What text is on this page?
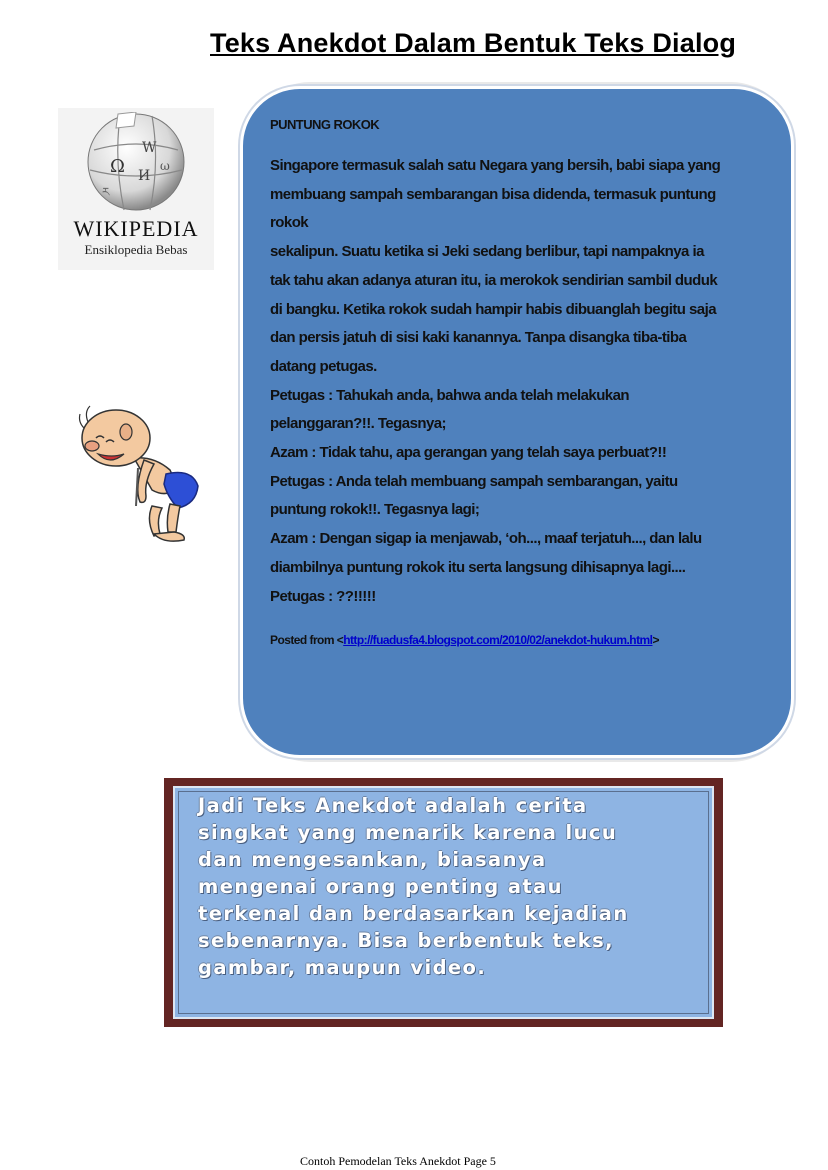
Teks Anekdot Dalam Bentuk Teks Dialog
Ω
W
И
ω
ར
WIKIPEDIA
Ensiklopedia Bebas

PUNTUNG ROKOK

Singapore termasuk salah satu Negara yang bersih, babi siapa yang

membuang sampah sembarangan bisa didenda, termasuk puntung

rokok

sekalipun. Suatu ketika si Jeki sedang berlibur, tapi nampaknya ia

tak tahu akan adanya aturan itu, ia merokok sendirian sambil duduk

di bangku. Ketika rokok sudah hampir habis dibuanglah begitu saja

dan persis jatuh di sisi kaki kanannya. Tanpa disangka tiba-tiba

datang petugas.

Petugas : Tahukah anda, bahwa anda telah melakukan

pelanggaran?!!. Tegasnya;

Azam : Tidak tahu, apa gerangan yang telah saya perbuat?!!

Petugas : Anda telah membuang sampah sembarangan, yaitu

puntung rokok!!. Tegasnya lagi;

Azam : Dengan sigap ia menjawab, ‘oh..., maaf terjatuh..., dan lalu

diambilnya puntung rokok itu serta langsung dihisapnya lagi....

Petugas : ??!!!!!

Posted from <http://fuadusfa4.blogspot.com/2010/02/anekdot-hukum.html>

Jadi Teks Anekdot adalah cerita
singkat yang menarik karena lucu
dan mengesankan, biasanya
mengenai orang penting atau
terkenal dan berdasarkan kejadian
sebenarnya. Bisa berbentuk teks,
gambar, maupun video.
Contoh Pemodelan Teks Anekdot Page 5
